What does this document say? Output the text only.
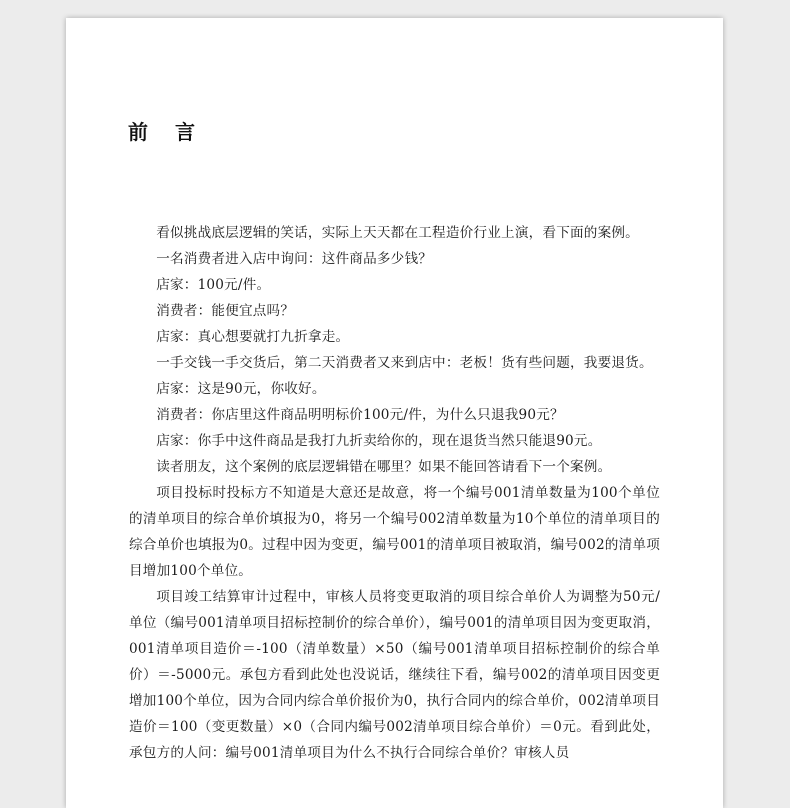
前 言

看似挑战底层逻辑的笑话，实际上天天都在工程造价行业上演，看下面的案例。

一名消费者进入店中询问：这件商品多少钱？

店家：100元/件。

消费者：能便宜点吗？

店家：真心想要就打九折拿走。

一手交钱一手交货后，第二天消费者又来到店中：老板！货有些问题，我要退货。

店家：这是90元，你收好。

消费者：你店里这件商品明明标价100元/件，为什么只退我90元？

店家：你手中这件商品是我打九折卖给你的，现在退货当然只能退90元。

读者朋友，这个案例的底层逻辑错在哪里？如果不能回答请看下一个案例。

项目投标时投标方不知道是大意还是故意，将一个编号001清单数量为100个单位的清单项目的综合单价填报为0，将另一个编号002清单数量为10个单位的清单项目的综合单价也填报为0。过程中因为变更，编号001的清单项目被取消，编号002的清单项目增加100个单位。

项目竣工结算审计过程中，审核人员将变更取消的项目综合单价人为调整为50元/单位（编号001清单项目招标控制价的综合单价），编号001的清单项目因为变更取消，001清单项目造价＝-100（清单数量）×50（编号001清单项目招标控制价的综合单价）＝-5000元。承包方看到此处也没说话，继续往下看，编号002的清单项目因变更增加100个单位，因为合同内综合单价报价为0，执行合同内的综合单价，002清单项目造价＝100（变更数量）×0（合同内编号002清单项目综合单价）＝0元。看到此处，承包方的人问：编号001清单项目为什么不执行合同综合单价？审核人员
